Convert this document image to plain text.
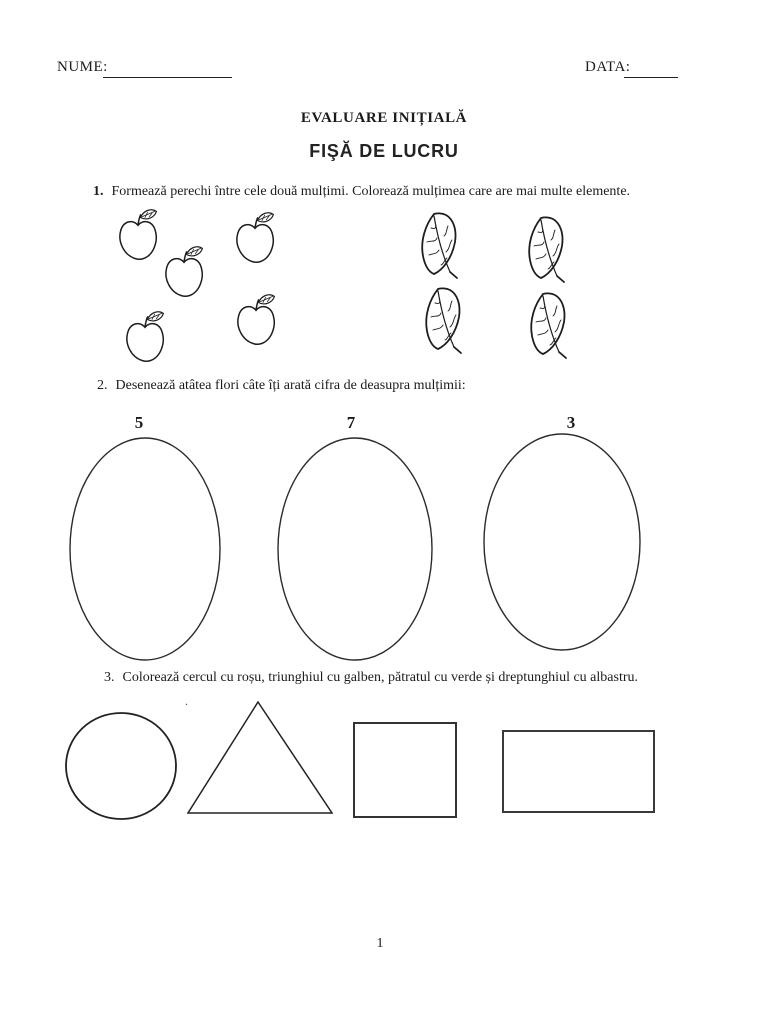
NUME:	DATA:
EVALUARE INIȚIALĂ
FIŞĂ DE LUCRU
1. Formează perechi între cele două mulțimi. Colorează mulțimea care are mai multe elemente.
2. Desenează atâtea flori câte îți arată cifra de deasupra mulțimii:
5	7	3
3. Colorează cercul cu roșu, triunghiul cu galben, pătratul cu verde și dreptunghiul cu albastru.
.
1
